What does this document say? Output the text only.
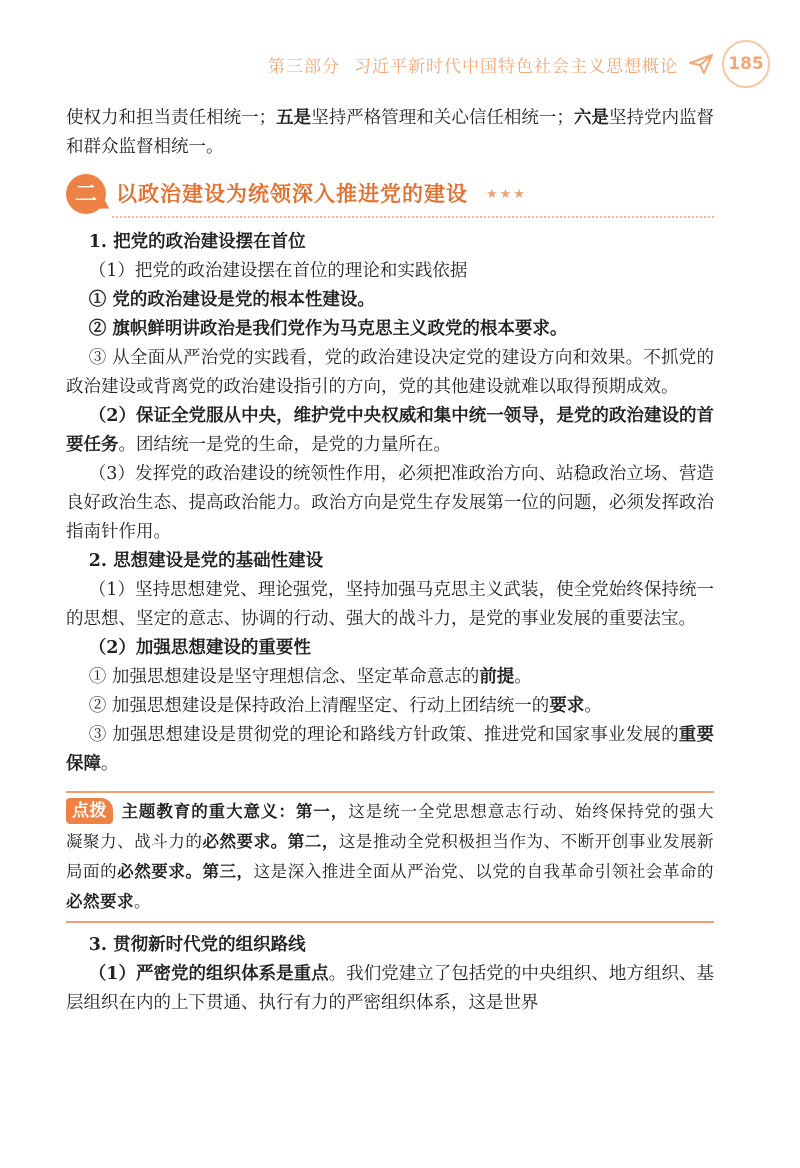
第三部分 习近平新时代中国特色社会主义思想概论	185

使权力和担当责任相统一；五是坚持严格管理和关心信任相统一；六是坚持党内监督和群众监督相统一。

二 以政治建设为统领深入推进党的建设 ★★★

1. 把党的政治建设摆在首位

（1）把党的政治建设摆在首位的理论和实践依据

① 党的政治建设是党的根本性建设。

② 旗帜鲜明讲政治是我们党作为马克思主义政党的根本要求。

③ 从全面从严治党的实践看，党的政治建设决定党的建设方向和效果。不抓党的政治建设或背离党的政治建设指引的方向，党的其他建设就难以取得预期成效。

（2）保证全党服从中央，维护党中央权威和集中统一领导，是党的政治建设的首要任务。团结统一是党的生命，是党的力量所在。

（3）发挥党的政治建设的统领性作用，必须把准政治方向、站稳政治立场、营造良好政治生态、提高政治能力。政治方向是党生存发展第一位的问题，必须发挥政治指南针作用。

2. 思想建设是党的基础性建设

（1）坚持思想建党、理论强党，坚持加强马克思主义武装，使全党始终保持统一的思想、坚定的意志、协调的行动、强大的战斗力，是党的事业发展的重要法宝。

（2）加强思想建设的重要性

① 加强思想建设是坚守理想信念、坚定革命意志的前提。

② 加强思想建设是保持政治上清醒坚定、行动上团结统一的要求。

③ 加强思想建设是贯彻党的理论和路线方针政策、推进党和国家事业发展的重要保障。

点拨 主题教育的重大意义：第一，这是统一全党思想意志行动、始终保持党的强大凝聚力、战斗力的必然要求。第二，这是推动全党积极担当作为、不断开创事业发展新局面的必然要求。第三，这是深入推进全面从严治党、以党的自我革命引领社会革命的必然要求。

3. 贯彻新时代党的组织路线

（1）严密党的组织体系是重点。我们党建立了包括党的中央组织、地方组织、基层组织在内的上下贯通、执行有力的严密组织体系，这是世界
